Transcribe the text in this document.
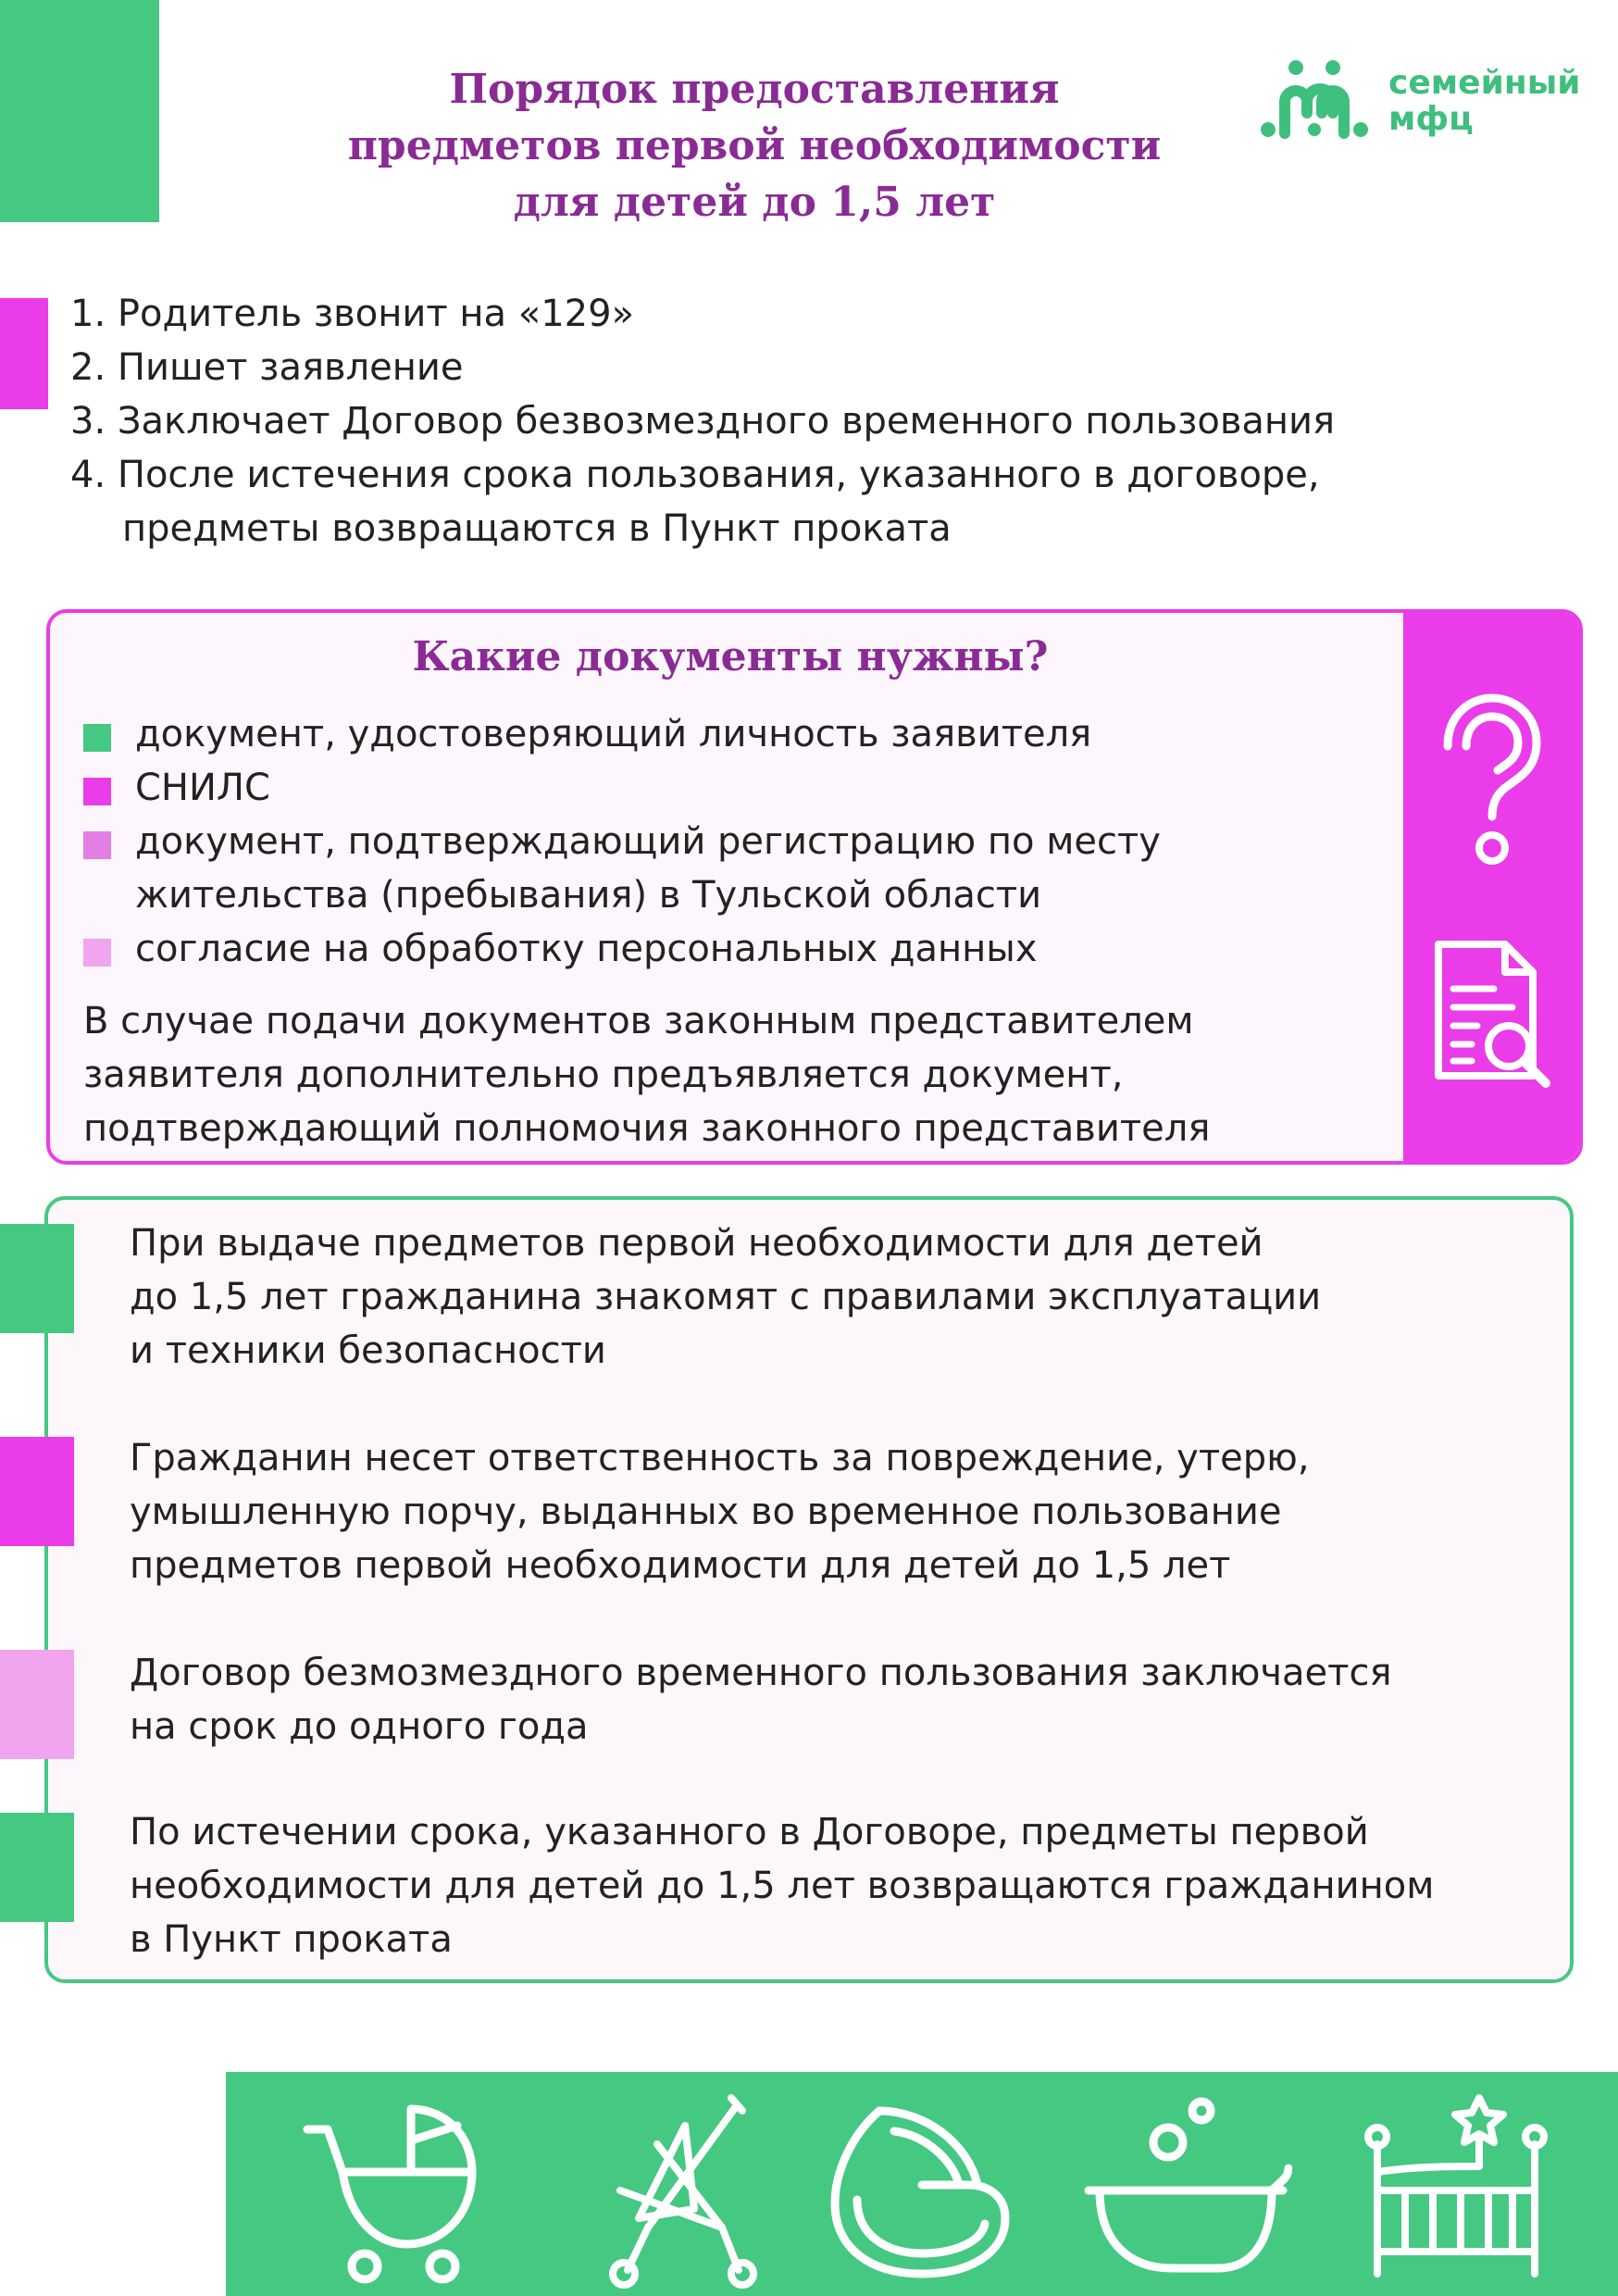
Порядок предоставления
предметов первой необходимости
для детей до 1,5 лет
семейный
мфц
1. Родитель звонит на «129»
2. Пишет заявление
3. Заключает Договор безвозмездного временного пользования
4. После истечения срока пользования, указанного в договоре,
предметы возвращаются в Пункт проката
Какие документы нужны?
документ, удостоверяющий личность заявителя
СНИЛС
документ, подтверждающий регистрацию по месту
жительства (пребывания) в Тульской области
согласие на обработку персональных данных
В случае подачи документов законным представителем
заявителя дополнительно предъявляется документ,
подтверждающий полномочия законного представителя
При выдаче предметов первой необходимости для детей
до 1,5 лет гражданина знакомят с правилами эксплуатации
и техники безопасности
Гражданин несет ответственность за повреждение, утерю,
умышленную порчу, выданных во временное пользование
предметов первой необходимости для детей до 1,5 лет
Договор безмозмездного временного пользования заключается
на срок до одного года
По истечении срока, указанного в Договоре, предметы первой
необходимости для детей до 1,5 лет возвращаются гражданином
в Пункт проката
